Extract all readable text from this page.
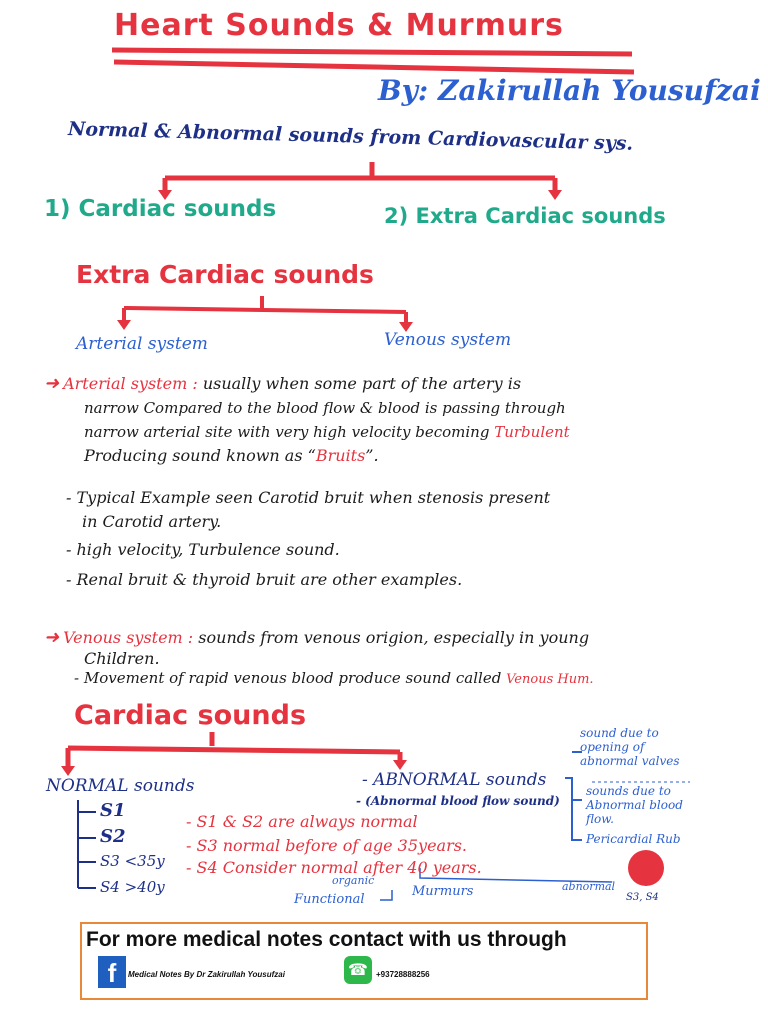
Heart Sounds & Murmurs
By: Zakirullah Yousufzai
Normal & Abnormal sounds from Cardiovascular sys.
1) Cardiac sounds	2) Extra Cardiac sounds
Extra Cardiac sounds
Arterial system	Venous system
➜ Arterial system : usually when some part of the artery is
narrow Compared to the blood flow & blood is passing through
narrow arterial site with very high velocity becoming Turbulent
Producing sound known as “Bruits”.
- Typical Example seen Carotid bruit when stenosis present
in Carotid artery.
- high velocity, Turbulence sound.
- Renal bruit & thyroid bruit are other examples.
➜ Venous system : sounds from venous origion, especially in young
Children.
- Movement of rapid venous blood produce sound called Venous Hum.
Cardiac sounds
NORMAL sounds
S1
S2
S3 <35y
S4 >40y
- S1 & S2 are always normal
- S3 normal before of age 35years.
- S4 Consider normal after 40 years.
- ABNORMAL sounds
- (Abnormal blood flow sound)
sound due to opening of abnormal valves
sounds due to Abnormal blood flow.
Pericardial Rub
organic
Functional
Murmurs	abnormal
S3, S4
For more medical notes contact with us through
f	Medical Notes By Dr Zakirullah Yousufzai	☎	+93728888256
